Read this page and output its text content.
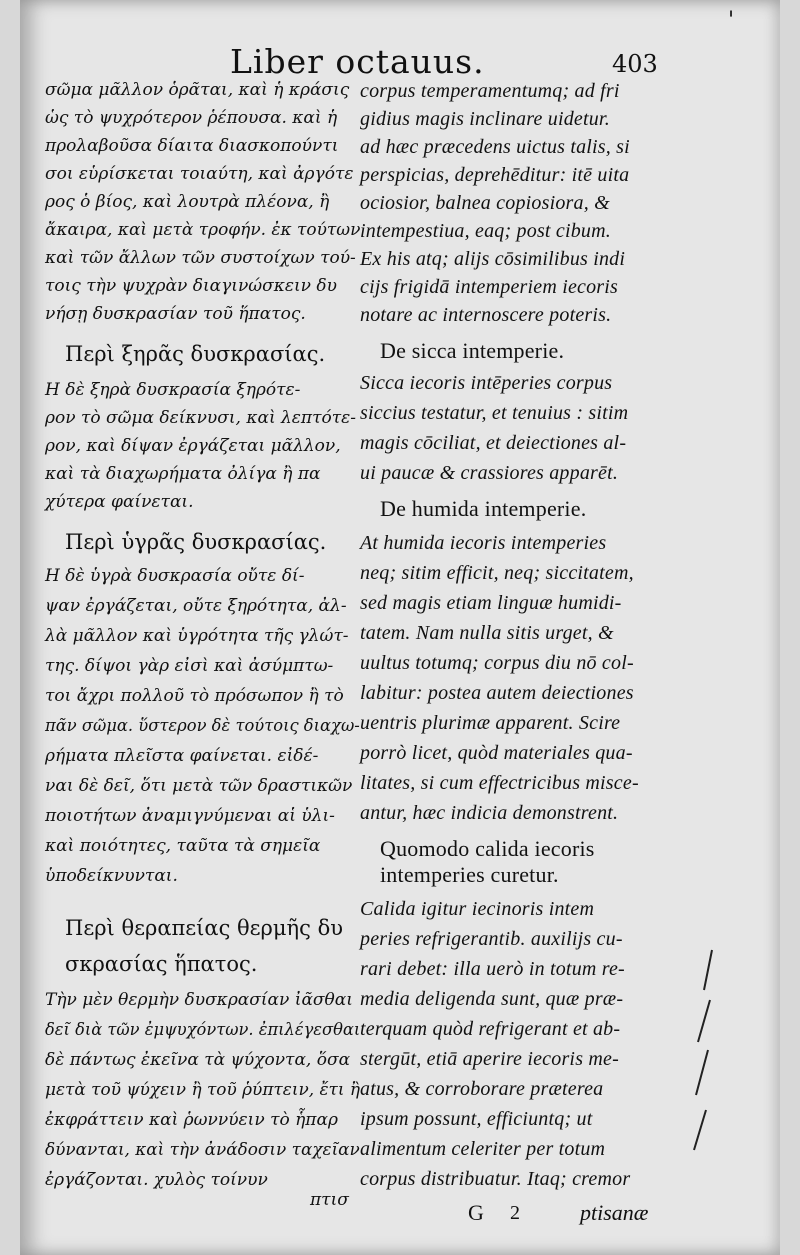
Liber octauus.	403
'
σῶμα μᾶλλον ὁρᾶται, καὶ ἡ κράσις
ὡς τὸ ψυχρότερον ῥέπουσα. καὶ ἡ
προλαβοῦσα δίαιτα διασκοπούντι
σοι εὑρίσκεται τοιαύτη, καὶ ἀργότε
ρος ὁ βίος, καὶ λουτρὰ πλέονα, ἢ
ἄκαιρα, καὶ μετὰ τροφήν. ἐκ τούτων
καὶ τῶν ἄλλων τῶν συστοίχων τού-
τοις τὴν ψυχρὰν διαγινώσκειν δυ
νήσῃ δυσκρασίαν τοῦ ἥπατος.
Περὶ ξηρᾶς δυσκρασίας.
Η δὲ ξηρὰ δυσκρασία ξηρότε-
ρον τὸ σῶμα δείκνυσι, καὶ λεπτότε-
ρον, καὶ δίψαν ἐργάζεται μᾶλλον,
καὶ τὰ διαχωρήματα ὀλίγα ἢ πα
χύτερα φαίνεται.
Περὶ ὑγρᾶς δυσκρασίας.
Η δὲ ὑγρὰ δυσκρασία οὔτε δί-
ψαν ἐργάζεται, οὔτε ξηρότητα, ἀλ-
λὰ μᾶλλον καὶ ὑγρότητα τῆς γλώτ-
της. δίψοι γὰρ εἰσὶ καὶ ἀσύμπτω-
τοι ἄχρι πολλοῦ τὸ πρόσωπον ἢ τὸ
πᾶν σῶμα. ὕστερον δὲ τούτοις διαχω-
ρήματα πλεῖστα φαίνεται. εἰδέ-
ναι δὲ δεῖ, ὅτι μετὰ τῶν δραστικῶν
ποιοτήτων ἀναμιγνύμεναι αἱ ὑλι-
καὶ ποιότητες, ταῦτα τὰ σημεῖα
ὑποδείκνυνται.
Περὶ θεραπείας θερμῆς δυ
σκρασίας ἥπατος.
Τὴν μὲν θερμὴν δυσκρασίαν ἰᾶσθαι
δεῖ διὰ τῶν ἐμψυχόντων. ἐπιλέγεσθαι
δὲ πάντως ἐκεῖνα τὰ ψύχοντα, ὅσα
μετὰ τοῦ ψύχειν ἢ τοῦ ῥύπτειν, ἔτι ἢ
ἐκφράττειν καὶ ῥωννύειν τὸ ἧπαρ
δύνανται, καὶ τὴν ἀνάδοσιν ταχεῖαν
ἐργάζονται. χυλὸς τοίνυν
corpus temperamentumq; ad fri
gidius magis inclinare uidetur.
ad hæc præcedens uictus talis, si
perspicias, deprehēditur: itē uita
ociosior, balnea copiosiora, &
intempestiua, eaq; post cibum.
Ex his atq; alijs cōsimilibus indi
cijs frigidā intemperiem iecoris
notare ac internoscere poteris.
De sicca intemperie.
Sicca iecoris intēperies corpus
siccius testatur, et tenuius : sitim
magis cōciliat, et deiectiones al-
ui paucæ & crassiores apparēt.
De humida intemperie.
At humida iecoris intemperies
neq; sitim efficit, neq; siccitatem,
sed magis etiam linguæ humidi-
tatem. Nam nulla sitis urget, &
uultus totumq; corpus diu nō col-
labitur: postea autem deiectiones
uentris plurimæ apparent. Scire
porrò licet, quòd materiales qua-
litates, si cum effectricibus misce-
antur, hæc indicia demonstrent.
Quomodo calida iecoris
intemperies curetur.
Calida igitur iecinoris intem
peries refrigerantib. auxilijs cu-
rari debet: illa uerò in totum re-
media deligenda sunt, quæ præ-
terquam quòd refrigerant et ab-
stergūt, etiā aperire iecoris me-
atus, & corroborare præterea
ipsum possunt, efficiuntq; ut
alimentum celeriter per totum
corpus distribuatur. Itaq; cremor
πτισ	G 2	ptisanæ
